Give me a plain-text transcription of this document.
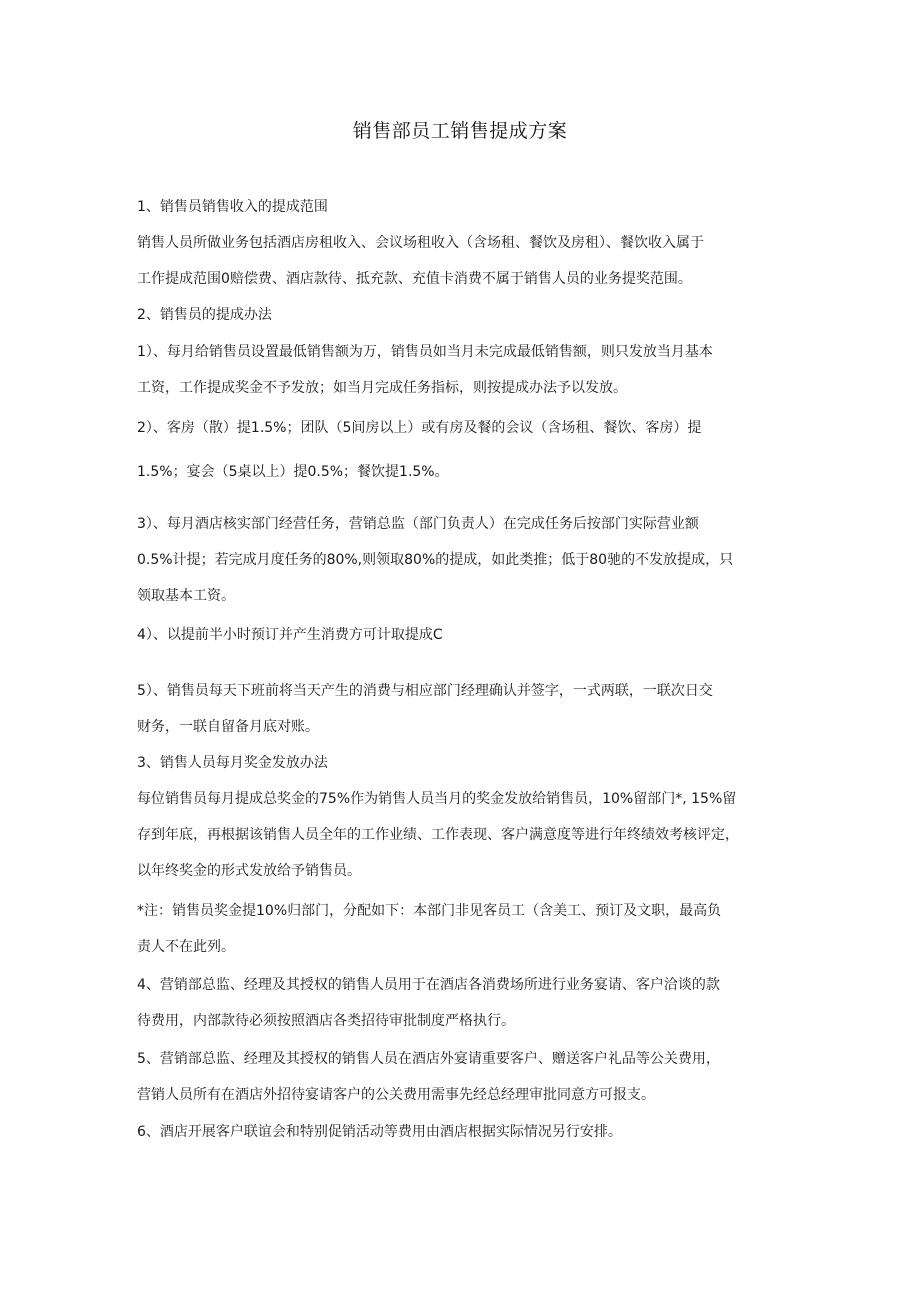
销售部员工销售提成方案
1、销售员销售收入的提成范围
销售人员所做业务包括酒店房租收入、会议场租收入（含场租、餐饮及房租）、餐饮收入属于
工作提成范围0赔偿费、酒店款待、抵充款、充值卡消费不属于销售人员的业务提奖范围。
2、销售员的提成办法
1）、每月给销售员设置最低销售额为万，销售员如当月未完成最低销售额，则只发放当月基本
工资，工作提成奖金不予发放；如当月完成任务指标，则按提成办法予以发放。
2）、客房（散）提1.5%；团队（5间房以上）或有房及餐的会议（含场租、餐饮、客房）提
1.5%；宴会（5桌以上）提0.5%；餐饮提1.5%。
3）、每月酒店核实部门经营任务，营销总监（部门负责人）在完成任务后按部门实际营业额
0.5%计提；若完成月度任务的80%,则领取80%的提成，如此类推；低于80驰的不发放提成，只
领取基本工资。
4）、以提前半小时预订并产生消费方可计取提成C
5）、销售员每天下班前将当天产生的消费与相应部门经理确认并签字，一式两联，一联次日交
财务，一联自留备月底对账。
3、销售人员每月奖金发放办法
每位销售员每月提成总奖金的75%作为销售人员当月的奖金发放给销售员，10%留部门*, 15%留
存到年底，再根据该销售人员全年的工作业绩、工作表现、客户满意度等进行年终绩效考核评定，
以年终奖金的形式发放给予销售员。
*注：销售员奖金提10%归部门，分配如下：本部门非见客员工（含美工、预订及文职，最高负
责人不在此列。
4、营销部总监、经理及其授权的销售人员用于在酒店各消费场所进行业务宴请、客户洽谈的款
待费用，内部款待必须按照酒店各类招待审批制度严格执行。
5、营销部总监、经理及其授权的销售人员在酒店外宴请重要客户、赠送客户礼品等公关费用，
营销人员所有在酒店外招待宴请客户的公关费用需事先经总经理审批同意方可报支。
6、酒店开展客户联谊会和特别促销活动等费用由酒店根据实际情况另行安排。
